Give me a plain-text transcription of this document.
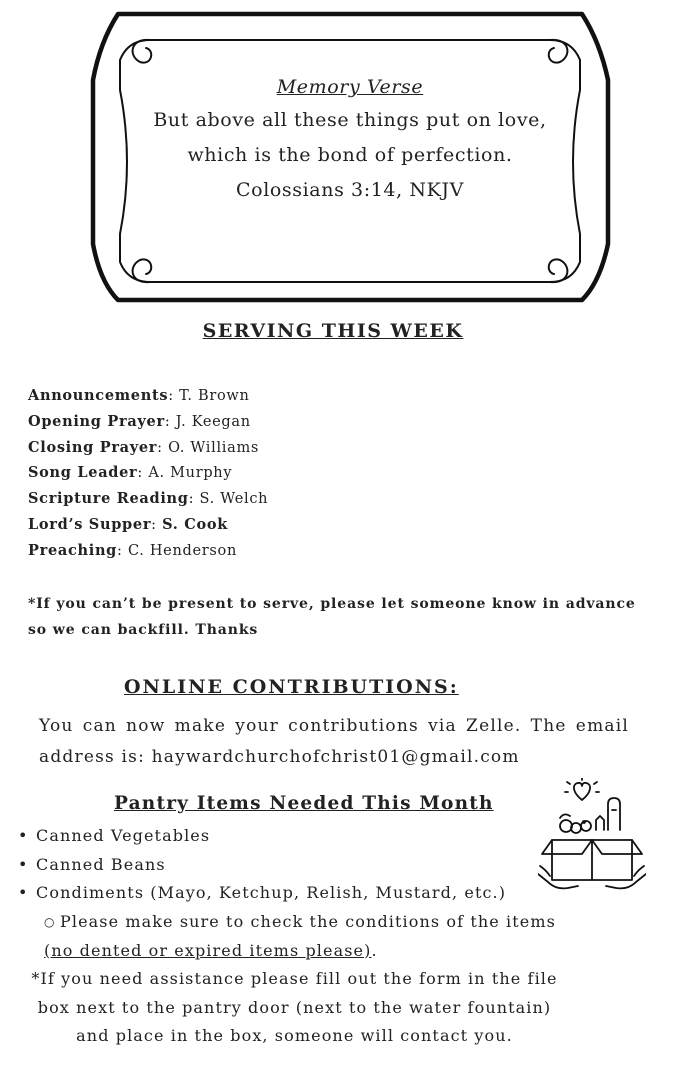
Memory Verse
But above all these things put on love,
which is the bond of perfection.
Colossians 3:14, NKJV
SERVING THIS WEEK
Announcements: T. Brown
Opening Prayer: J. Keegan
Closing Prayer: O. Williams
Song Leader: A. Murphy
Scripture Reading: S. Welch
Lord’s Supper: S. Cook
Preaching: C. Henderson
*If you can’t be present to serve, please let someone know in advance so we can backfill. Thanks
ONLINE CONTRIBUTIONS:
You can now make your contributions via Zelle. The email address is: haywardchurchofchrist01@gmail.com
Pantry Items Needed This Month
• Canned Vegetables
• Canned Beans
• Condiments (Mayo, Ketchup, Relish, Mustard, etc.)
○ Please make sure to check the conditions of the items (no dented or expired items please).
*If you need assistance please fill out the form in the file box next to the pantry door (next to the water fountain) and place in the box, someone will contact you.
